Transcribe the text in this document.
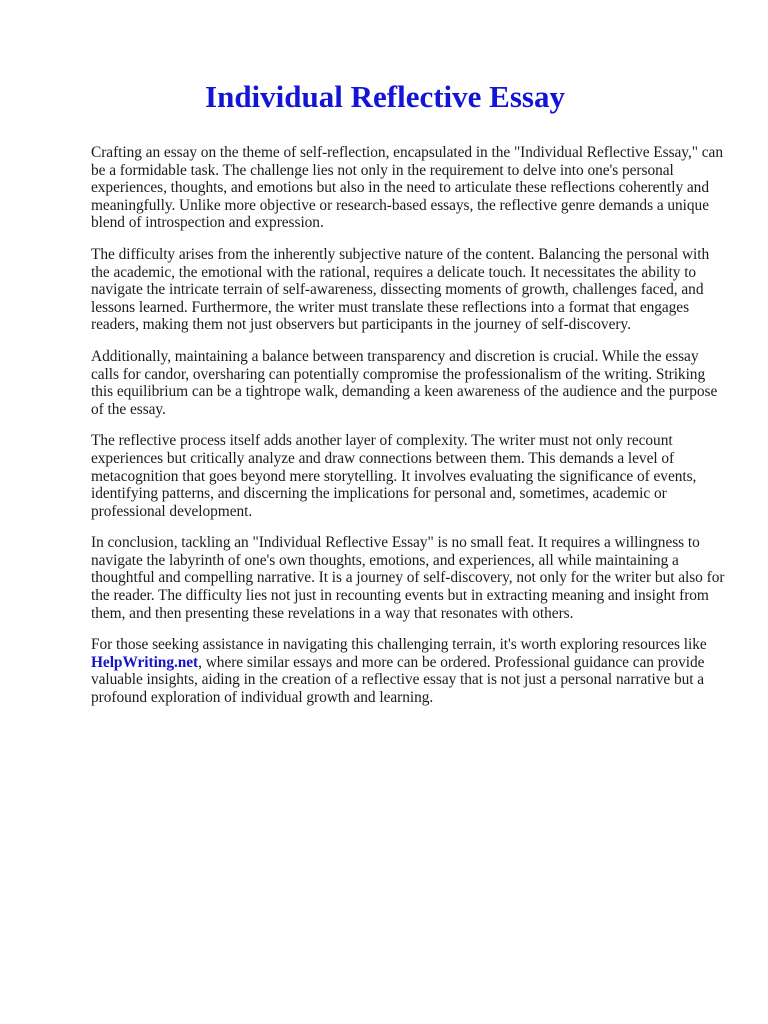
Individual Reflective Essay

Crafting an essay on the theme of self-reflection, encapsulated in the "Individual Reflective Essay," can be a formidable task. The challenge lies not only in the requirement to delve into one's personal experiences, thoughts, and emotions but also in the need to articulate these reflections coherently and meaningfully. Unlike more objective or research-based essays, the reflective genre demands a unique blend of introspection and expression.

The difficulty arises from the inherently subjective nature of the content. Balancing the personal with the academic, the emotional with the rational, requires a delicate touch. It necessitates the ability to navigate the intricate terrain of self-awareness, dissecting moments of growth, challenges faced, and lessons learned. Furthermore, the writer must translate these reflections into a format that engages readers, making them not just observers but participants in the journey of self-discovery.

Additionally, maintaining a balance between transparency and discretion is crucial. While the essay calls for candor, oversharing can potentially compromise the professionalism of the writing. Striking this equilibrium can be a tightrope walk, demanding a keen awareness of the audience and the purpose of the essay.

The reflective process itself adds another layer of complexity. The writer must not only recount experiences but critically analyze and draw connections between them. This demands a level of metacognition that goes beyond mere storytelling. It involves evaluating the significance of events, identifying patterns, and discerning the implications for personal and, sometimes, academic or professional development.

In conclusion, tackling an "Individual Reflective Essay" is no small feat. It requires a willingness to navigate the labyrinth of one's own thoughts, emotions, and experiences, all while maintaining a thoughtful and compelling narrative. It is a journey of self-discovery, not only for the writer but also for the reader. The difficulty lies not just in recounting events but in extracting meaning and insight from them, and then presenting these revelations in a way that resonates with others.

For those seeking assistance in navigating this challenging terrain, it's worth exploring resources like HelpWriting.net, where similar essays and more can be ordered. Professional guidance can provide valuable insights, aiding in the creation of a reflective essay that is not just a personal narrative but a profound exploration of individual growth and learning.
